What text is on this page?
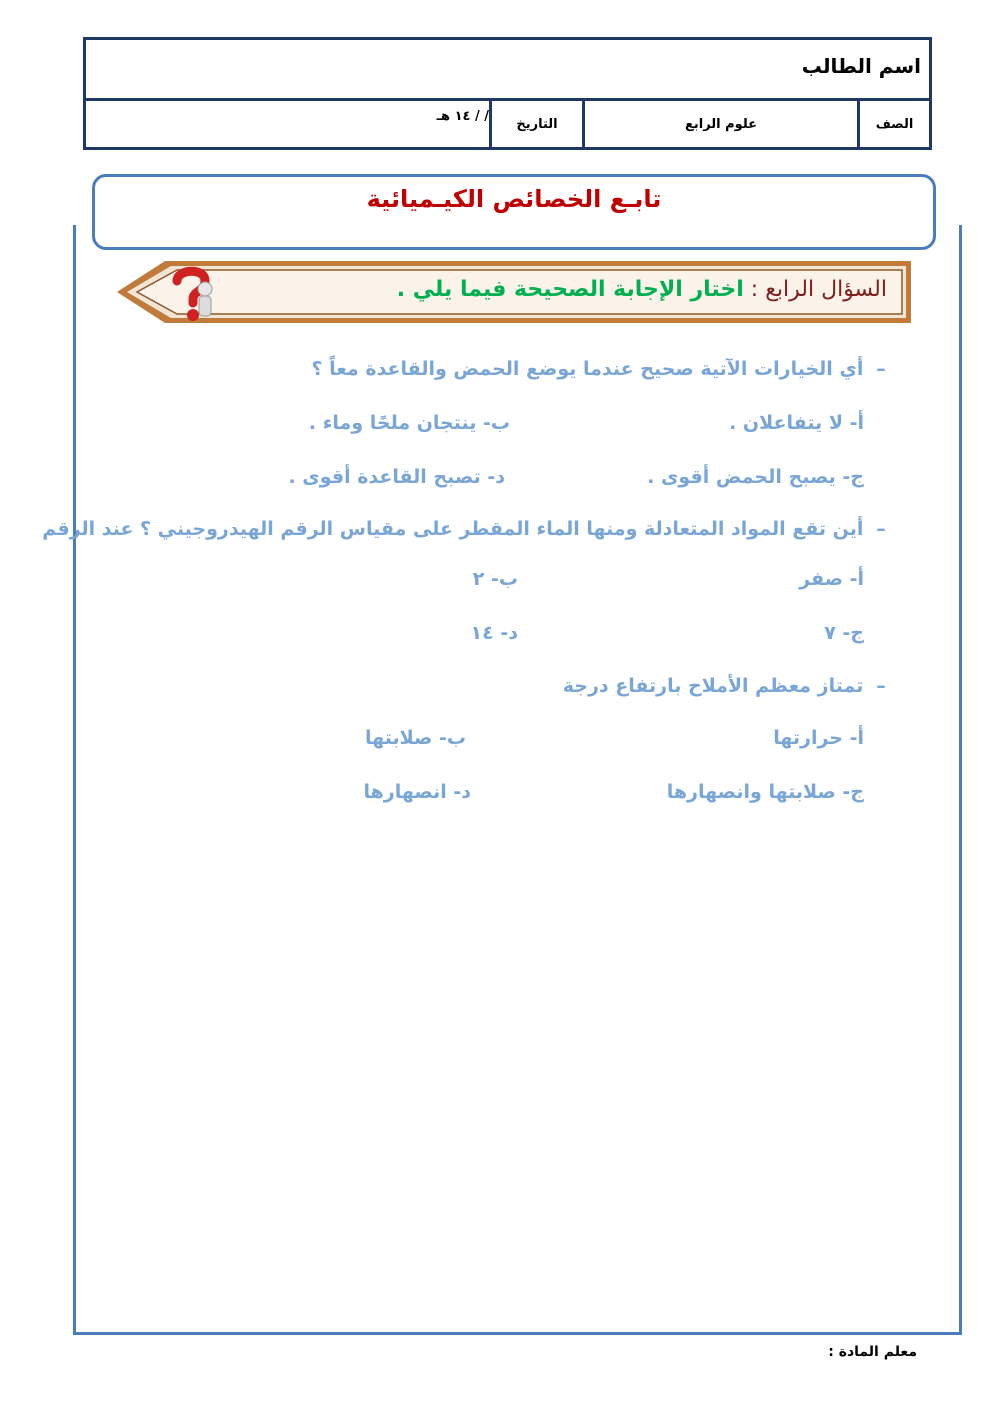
اسم الطالب
الصف
علوم الرابع
التاريخ
/ / ١٤ هـ
تابـع الخصائص الكيـميائية
السؤال الرابع : اختار الإجابة الصحيحة فيما يلي .
– أي الخيارات الآتية صحيح عندما يوضع الحمض والقاعدة معاً ؟
أ- لا يتفاعلان .
ب- ينتجان ملحًا وماء .
ج- يصبح الحمض أقوى .
د- تصبح القاعدة أقوى .
– أين تقع المواد المتعادلة ومنها الماء المقطر على مقياس الرقم الهيدروجيني ؟ عند الرقم
أ- صفر
ب- ٢
ج- ٧
د- ١٤
– تمتاز معظم الأملاح بارتفاع درجة
أ- حرارتها
ب- صلابتها
ج- صلابتها وانصهارها
د- انصهارها
معلم المادة :
